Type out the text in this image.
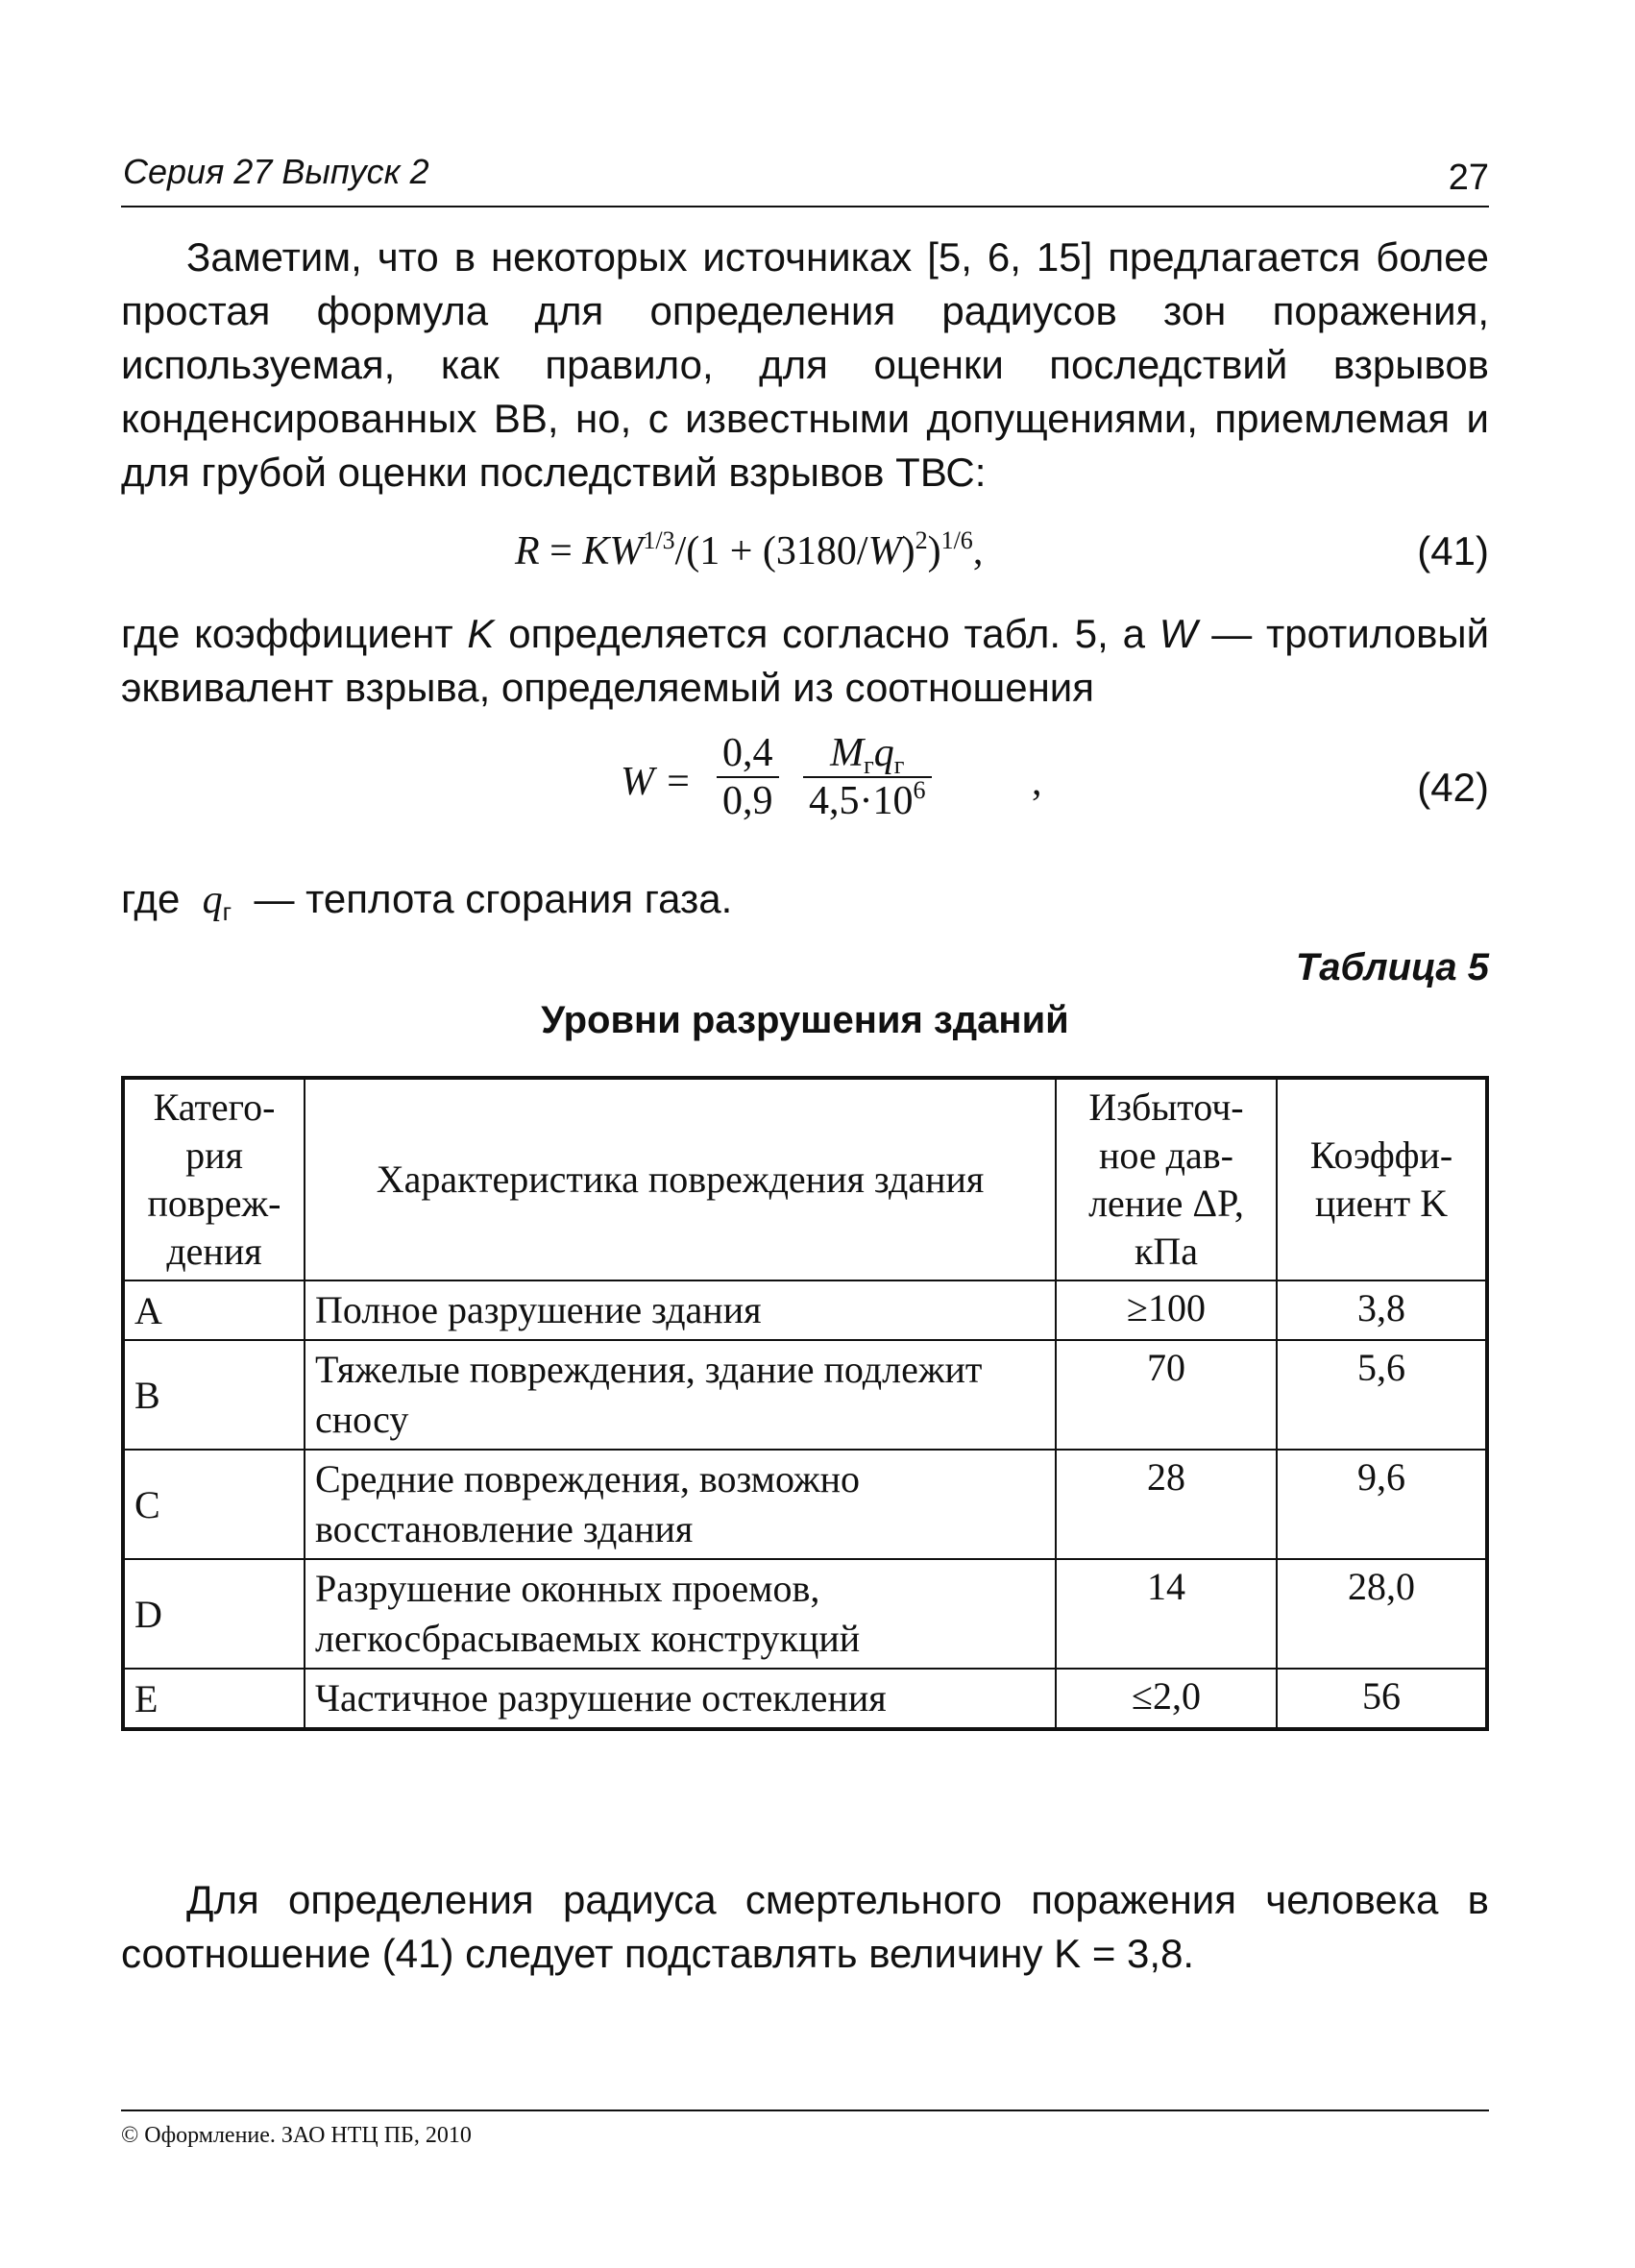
Серия 27 Выпуск 2	27
Заметим, что в некоторых источниках [5, 6, 15] предлагается более простая формула для определения радиусов зон поражения, используемая, как правило, для оценки последствий взрывов конденсированных ВВ, но, с известными допущениями, приемлемая и для грубой оценки последствий взрывов ТВС:
$R = KW^{1/3}/(1 + (3180/W)^2)^{1/6}$,	(41)
где коэффициент K определяется согласно табл. 5, а W — тротиловый эквивалент взрыва, определяемый из соотношения
$W = \frac{0,4}{0,9}$	$M_гq_г$
$4,5\cdot 10^6$	,	(42)
где $q_г$ — теплота сгорания газа.
Таблица 5
Уровни разрушения зданий
Катего-рия повреж-дения	Характеристика повреждения здания	Избыточ-ное дав-ление ΔP, кПа	Коэффи-циент K
A	Полное разрушение здания	≥100	3,8
B	Тяжелые повреждения, здание подлежит сносу	70	5,6
C	Средние повреждения, возможно восстановление здания	28	9,6
D	Разрушение оконных проемов, легкосбрасываемых конструкций	14	28,0
E	Частичное разрушение остекления	≤2,0	56
Для определения радиуса смертельного поражения человека в соотношение (41) следует подставлять величину K = 3,8.
© Оформление. ЗАО НТЦ ПБ, 2010
